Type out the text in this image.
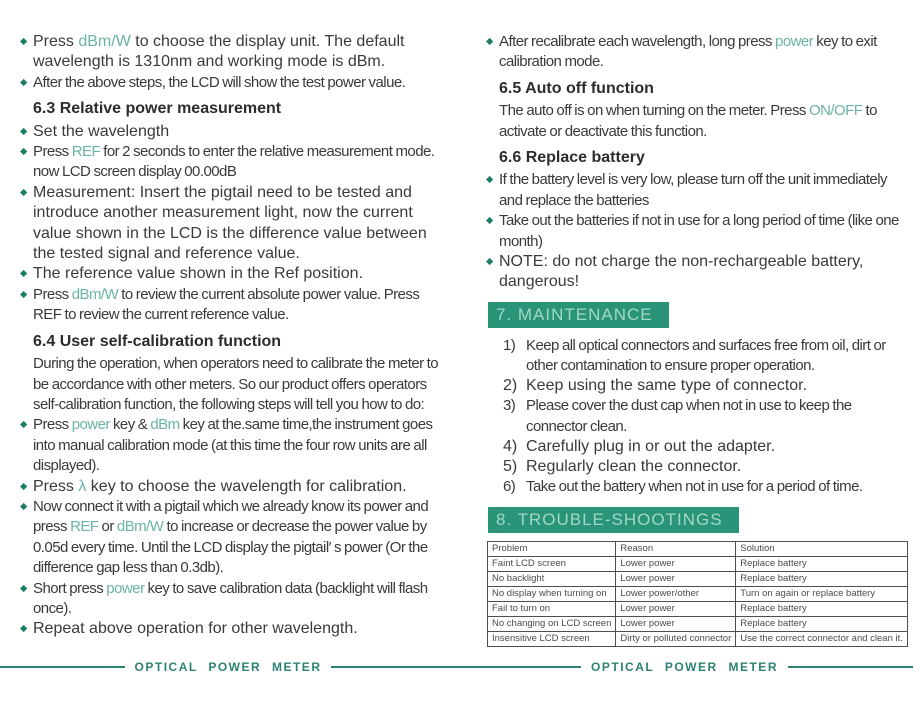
◆ Press dBm/W to choose the display unit. The default wavelength is 1310nm and working mode is dBm.
◆ After the above steps, the LCD will show the test power value.
6.3 Relative power measurement
◆ Set the wavelength
◆ Press REF for 2 seconds to enter the relative measurement mode. now LCD screen display 00.00dB
◆ Measurement: Insert the pigtail need to be tested and introduce another measurement light, now the current value shown in the LCD is the difference value between the tested signal and reference value.
◆ The reference value shown in the Ref position.
◆ Press dBm/W to review the current absolute power value. Press REF to review the current reference value.
6.4 User self-calibration function
During the operation, when operators need to calibrate the meter to be accordance with other meters. So our product offers operators self-calibration function, the following steps will tell you how to do:
◆ Press power key & dBm key at the.same time,the instrument goes into manual calibration mode (at this time the four row units are all displayed).
◆ Press λ key to choose the wavelength for calibration.
◆ Now connect it with a pigtail which we already know its power and press REF or dBm/W to increase or decrease the power value by 0.05d every time. Until the LCD display the pigtail′ s power (Or the difference gap less than 0.3db).
◆ Short press power key to save calibration data (backlight will flash once).
◆ Repeat above operation for other wavelength.
◆ After recalibrate each wavelength, long press power key to exit calibration mode.
6.5 Auto off function
The auto off is on when turning on the meter. Press ON/OFF to activate or deactivate this function.
6.6 Replace battery
◆ If the battery level is very low, please turn off the unit immediately and replace the batteries
◆ Take out the batteries if not in use for a long period of time (like one month)
◆ NOTE: do not charge the non-rechargeable battery, dangerous!
7. MAINTENANCE
1) Keep all optical connectors and surfaces free from oil, dirt or other contamination to ensure proper operation.
2) Keep using the same type of connector.
3) Please cover the dust cap when not in use to keep the connector clean.
4) Carefully plug in or out the adapter.
5) Regularly clean the connector.
6) Take out the battery when not in use for a period of time.
8. TROUBLE-SHOOTINGS
Problem	Reason	Solution
Faint LCD screen	Lower power	Replace battery
No backlight	Lower power	Replace battery
No display when turning on	Lower power/other	Turn on again or replace battery
Fail to turn on	Lower power	Replace battery
No changing on LCD screen	Lower power	Replace battery
Insensitive LCD screen	Dirty or polluted connector	Use the correct connector and clean it.
OPTICAL POWER METER	OPTICAL POWER METER
